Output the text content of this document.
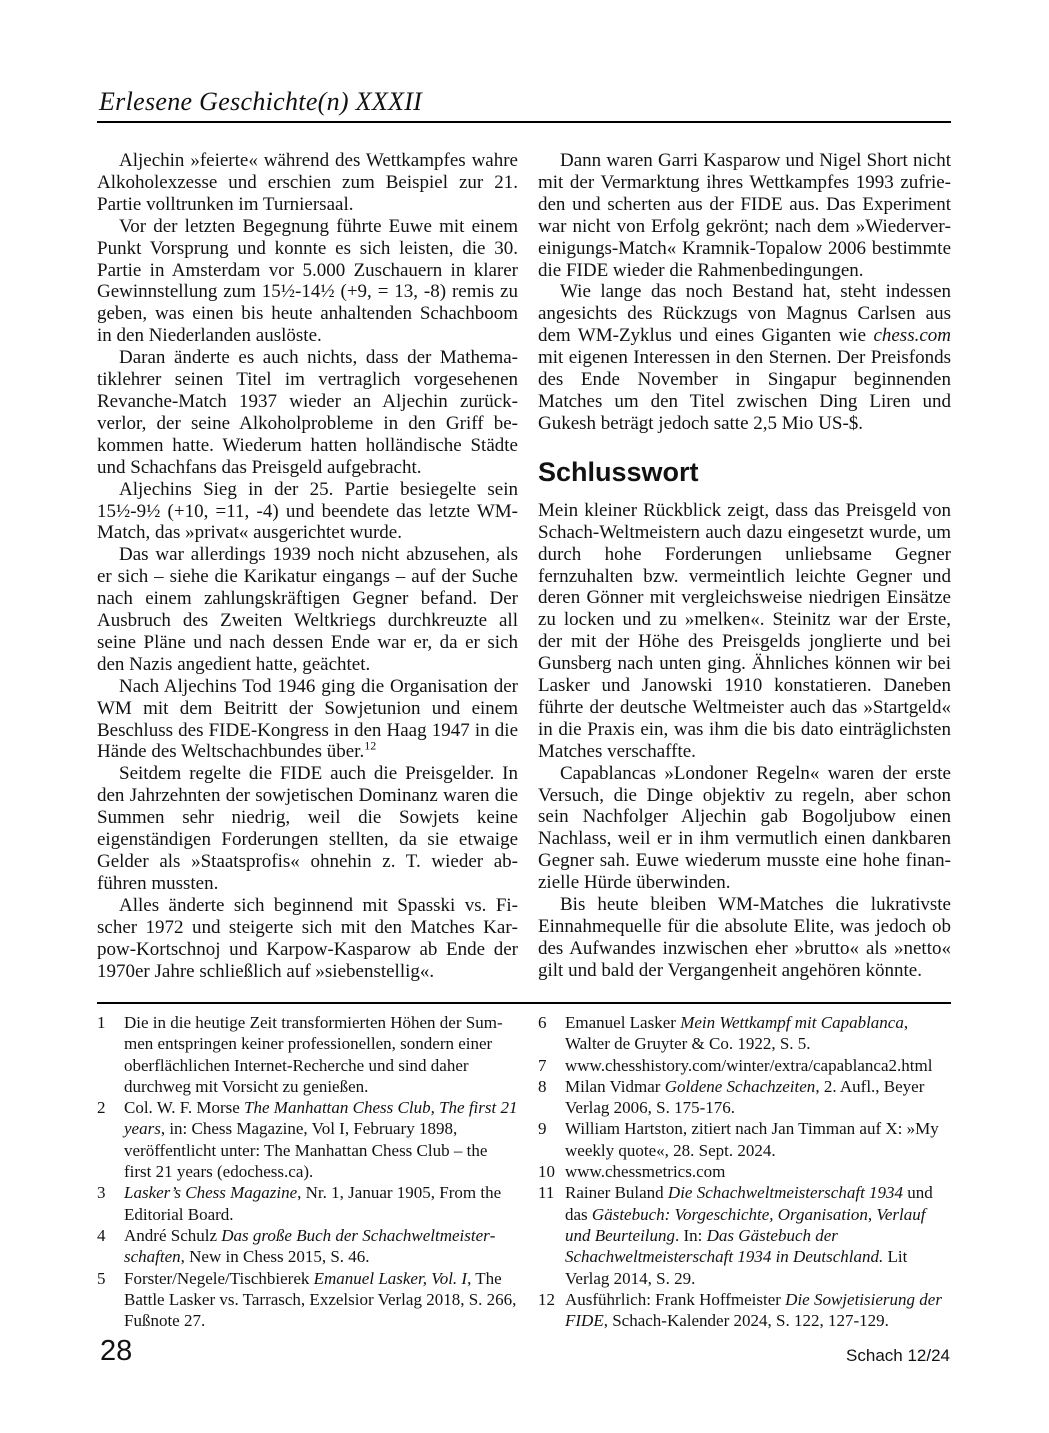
Erlesene Geschichte(n) XXXII

Aljechin »feierte« während des Wettkampfes wahre Alkoholexzesse und erschien zum Beispiel zur 21. Partie volltrunken im Turniersaal.

Vor der letzten Begegnung führte Euwe mit einem Punkt Vorsprung und konnte es sich leisten, die 30. Partie in Amsterdam vor 5.000 Zuschauern in klarer Gewinnstellung zum 15½-14½ (+9, = 13, -8) remis zu geben, was einen bis heute anhaltenden Schachboom in den Niederlanden auslöste.

Daran änderte es auch nichts, dass der Mathematiklehrer seinen Titel im vertraglich vorgesehenen Revanche-Match 1937 wieder an Aljechin zurückverlor, der seine Alkoholprobleme in den Griff bekommen hatte. Wiederum hatten holländische Städte und Schachfans das Preisgeld aufgebracht.

Aljechins Sieg in der 25. Partie besiegelte sein 15½-9½ (+10, =11, -4) und beendete das letzte WM-Match, das »privat« ausgerichtet wurde.

Das war allerdings 1939 noch nicht abzusehen, als er sich – siehe die Karikatur eingangs – auf der Suche nach einem zahlungskräftigen Gegner befand. Der Ausbruch des Zweiten Weltkriegs durchkreuzte all seine Pläne und nach dessen Ende war er, da er sich den Nazis angedient hatte, geächtet.

Nach Aljechins Tod 1946 ging die Organisation der WM mit dem Beitritt der Sowjetunion und einem Beschluss des FIDE-Kongress in den Haag 1947 in die Hände des Weltschachbundes über.$^{12}$

Seitdem regelte die FIDE auch die Preisgelder. In den Jahrzehnten der sowjetischen Dominanz waren die Summen sehr niedrig, weil die Sowjets keine eigenständigen Forderungen stellten, da sie etwaige Gelder als »Staatsprofis« ohnehin z. T. wieder abführen mussten.

Alles änderte sich beginnend mit Spasski vs. Fischer 1972 und steigerte sich mit den Matches Karpow-Kortschnoj und Karpow-Kasparow ab Ende der 1970er Jahre schließlich auf »siebenstellig«.

Dann waren Garri Kasparow und Nigel Short nicht mit der Vermarktung ihres Wettkampfes 1993 zufrieden und scherten aus der FIDE aus. Das Experiment war nicht von Erfolg gekrönt; nach dem »Wiedervereinigungs-Match« Kramnik-Topalow 2006 bestimmte die FIDE wieder die Rahmenbedingungen.

Wie lange das noch Bestand hat, steht indessen angesichts des Rückzugs von Magnus Carlsen aus dem WM-Zyklus und eines Giganten wie chess.com mit eigenen Interessen in den Sternen. Der Preisfonds des Ende November in Singapur beginnenden Matches um den Titel zwischen Ding Liren und Gukesh beträgt jedoch satte 2,5 Mio US-$.

Schlusswort

Mein kleiner Rückblick zeigt, dass das Preisgeld von Schach-Weltmeistern auch dazu eingesetzt wurde, um durch hohe Forderungen unliebsame Gegner fernzuhalten bzw. vermeintlich leichte Gegner und deren Gönner mit vergleichsweise niedrigen Einsätze zu locken und zu »melken«. Steinitz war der Erste, der mit der Höhe des Preisgelds jonglierte und bei Gunsberg nach unten ging. Ähnliches können wir bei Lasker und Janowski 1910 konstatieren. Daneben führte der deutsche Weltmeister auch das »Startgeld« in die Praxis ein, was ihm die bis dato einträglichsten Matches verschaffte.

Capablancas »Londoner Regeln« waren der erste Versuch, die Dinge objektiv zu regeln, aber schon sein Nachfolger Aljechin gab Bogoljubow einen Nachlass, weil er in ihm vermutlich einen dankbaren Gegner sah. Euwe wiederum musste eine hohe finanzielle Hürde überwinden.

Bis heute bleiben WM-Matches die lukrativste Einnahmequelle für die absolute Elite, was jedoch ob des Aufwandes inzwischen eher »brutto« als »netto« gilt und bald der Vergangenheit angehören könnte.

1	Die in die heutige Zeit transformierten Höhen der Summen entspringen keiner professionellen, sondern einer oberflächlichen Internet-Recherche und sind daher durchweg mit Vorsicht zu genießen.
2	Col. W. F. Morse The Manhattan Chess Club, The first 21 years, in: Chess Magazine, Vol I, February 1898, veröffentlicht unter: The Manhattan Chess Club – the first 21 years (edochess.ca).
3	Lasker’s Chess Magazine, Nr. 1, Januar 1905, From the Editorial Board.
4	André Schulz Das große Buch der Schachweltmeisterschaften, New in Chess 2015, S. 46.
5	Forster/Negele/Tischbierek Emanuel Lasker, Vol. I, The Battle Lasker vs. Tarrasch, Exzelsior Verlag 2018, S. 266, Fußnote 27.
6	Emanuel Lasker Mein Wettkampf mit Capablanca, Walter de Gruyter & Co. 1922, S. 5.
7	www.chesshistory.com/winter/extra/capablanca2.html
8	Milan Vidmar Goldene Schachzeiten, 2. Aufl., Beyer Verlag 2006, S. 175-176.
9	William Hartston, zitiert nach Jan Timman auf X: »My weekly quote«, 28. Sept. 2024.
10 www.chessmetrics.com
11 Rainer Buland Die Schachweltmeisterschaft 1934 und das Gästebuch: Vorgeschichte, Organisation, Verlauf und Beurteilung. In: Das Gästebuch der Schachweltmeisterschaft 1934 in Deutschland. Lit Verlag 2014, S. 29.
12 Ausführlich: Frank Hoffmeister Die Sowjetisierung der FIDE, Schach-Kalender 2024, S. 122, 127-129.
28	Schach 12/24
